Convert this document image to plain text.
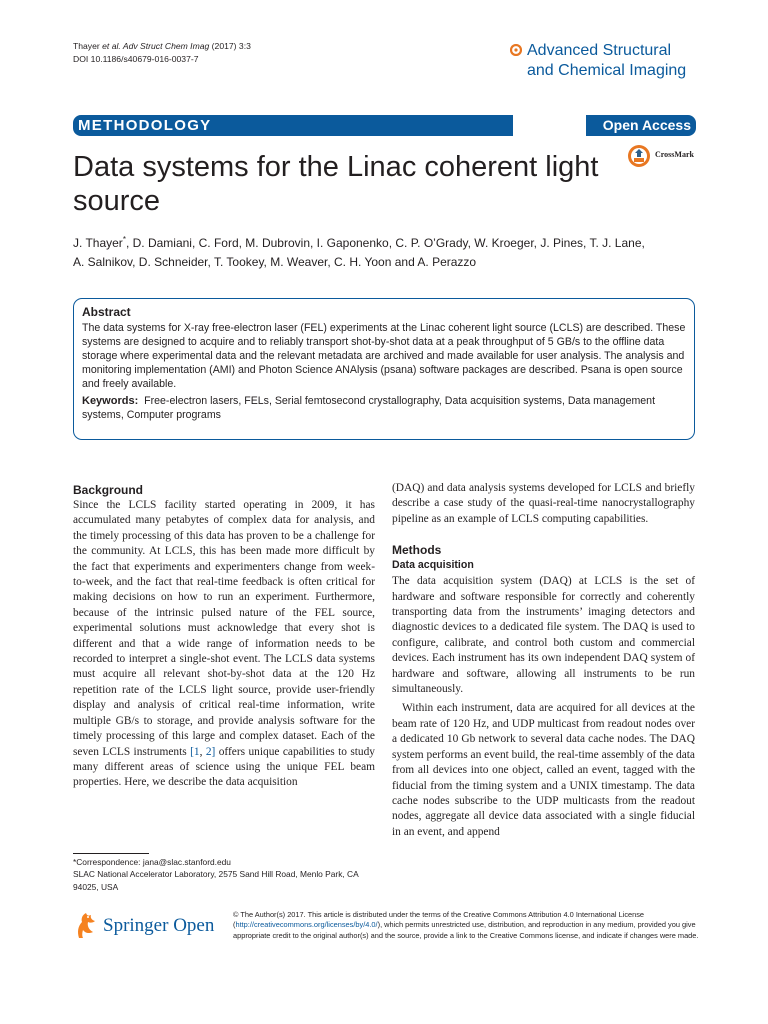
Thayer et al. Adv Struct Chem Imag (2017) 3:3
DOI 10.1186/s40679-016-0037-7	Advanced Structural
and Chemical Imaging
METHODOLOGY	Open Access
CrossMark
Data systems for the Linac coherent light source
J. Thayer*, D. Damiani, C. Ford, M. Dubrovin, I. Gaponenko, C. P. O’Grady, W. Kroeger, J. Pines, T. J. Lane,
A. Salnikov, D. Schneider, T. Tookey, M. Weaver, C. H. Yoon and A. Perazzo
Abstract
The data systems for X-ray free-electron laser (FEL) experiments at the Linac coherent light source (LCLS) are described. These systems are designed to acquire and to reliably transport shot-by-shot data at a peak throughput of 5 GB/s to the offline data storage where experimental data and the relevant metadata are archived and made available for user analysis. The analysis and monitoring implementation (AMI) and Photon Science ANAlysis (psana) software packages are described. Psana is open source and freely available.
Keywords: Free-electron lasers, FELs, Serial femtosecond crystallography, Data acquisition systems, Data management systems, Computer programs
Background

Since the LCLS facility started operating in 2009, it has accumulated many petabytes of complex data for analysis, and the timely processing of this data has proven to be a challenge for the community. At LCLS, this has been made more difficult by the fact that experiments and experimenters change from week-to-week, and the fact that real-time feedback is often critical for making decisions on how to run an experiment. Furthermore, because of the intrinsic pulsed nature of the FEL source, experimental solutions must acknowledge that every shot is different and that a wide range of information needs to be recorded to interpret a single-shot event. The LCLS data systems must acquire all relevant shot-by-shot data at the 120 Hz repetition rate of the LCLS light source, provide user-friendly display and analysis of critical real-time information, write multiple GB/s to storage, and provide analysis software for the timely processing of this large and complex dataset. Each of the seven LCLS instruments [1, 2] offers unique capabilities to study many different areas of science using the unique FEL beam properties. Here, we describe the data acquisition

(DAQ) and data analysis systems developed for LCLS and briefly describe a case study of the quasi-real-time nanocrystallography pipeline as an example of LCLS computing capabilities.

Methods
Data acquisition

The data acquisition system (DAQ) at LCLS is the set of hardware and software responsible for correctly and coherently transporting data from the instruments’ imaging detectors and diagnostic devices to a dedicated file system. The DAQ is used to configure, calibrate, and control both custom and commercial devices. Each instrument has its own independent DAQ system of hardware and software, allowing all instruments to be run simultaneously.

Within each instrument, data are acquired for all devices at the beam rate of 120 Hz, and UDP multicast from readout nodes over a dedicated 10 Gb network to several data cache nodes. The DAQ system performs an event build, the real-time assembly of the data from all devices into one object, called an event, tagged with the fiducial from the timing system and a UNIX timestamp. The data cache nodes subscribe to the UDP multicasts from the readout nodes, aggregate all device data associated with a single fiducial in an event, and append

*Correspondence: jana@slac.stanford.edu
SLAC National Accelerator Laboratory, 2575 Sand Hill Road, Menlo Park, CA 94025, USA
Springer Open
© The Author(s) 2017. This article is distributed under the terms of the Creative Commons Attribution 4.0 International License (http://creativecommons.org/licenses/by/4.0/), which permits unrestricted use, distribution, and reproduction in any medium, provided you give appropriate credit to the original author(s) and the source, provide a link to the Creative Commons license, and indicate if changes were made.
